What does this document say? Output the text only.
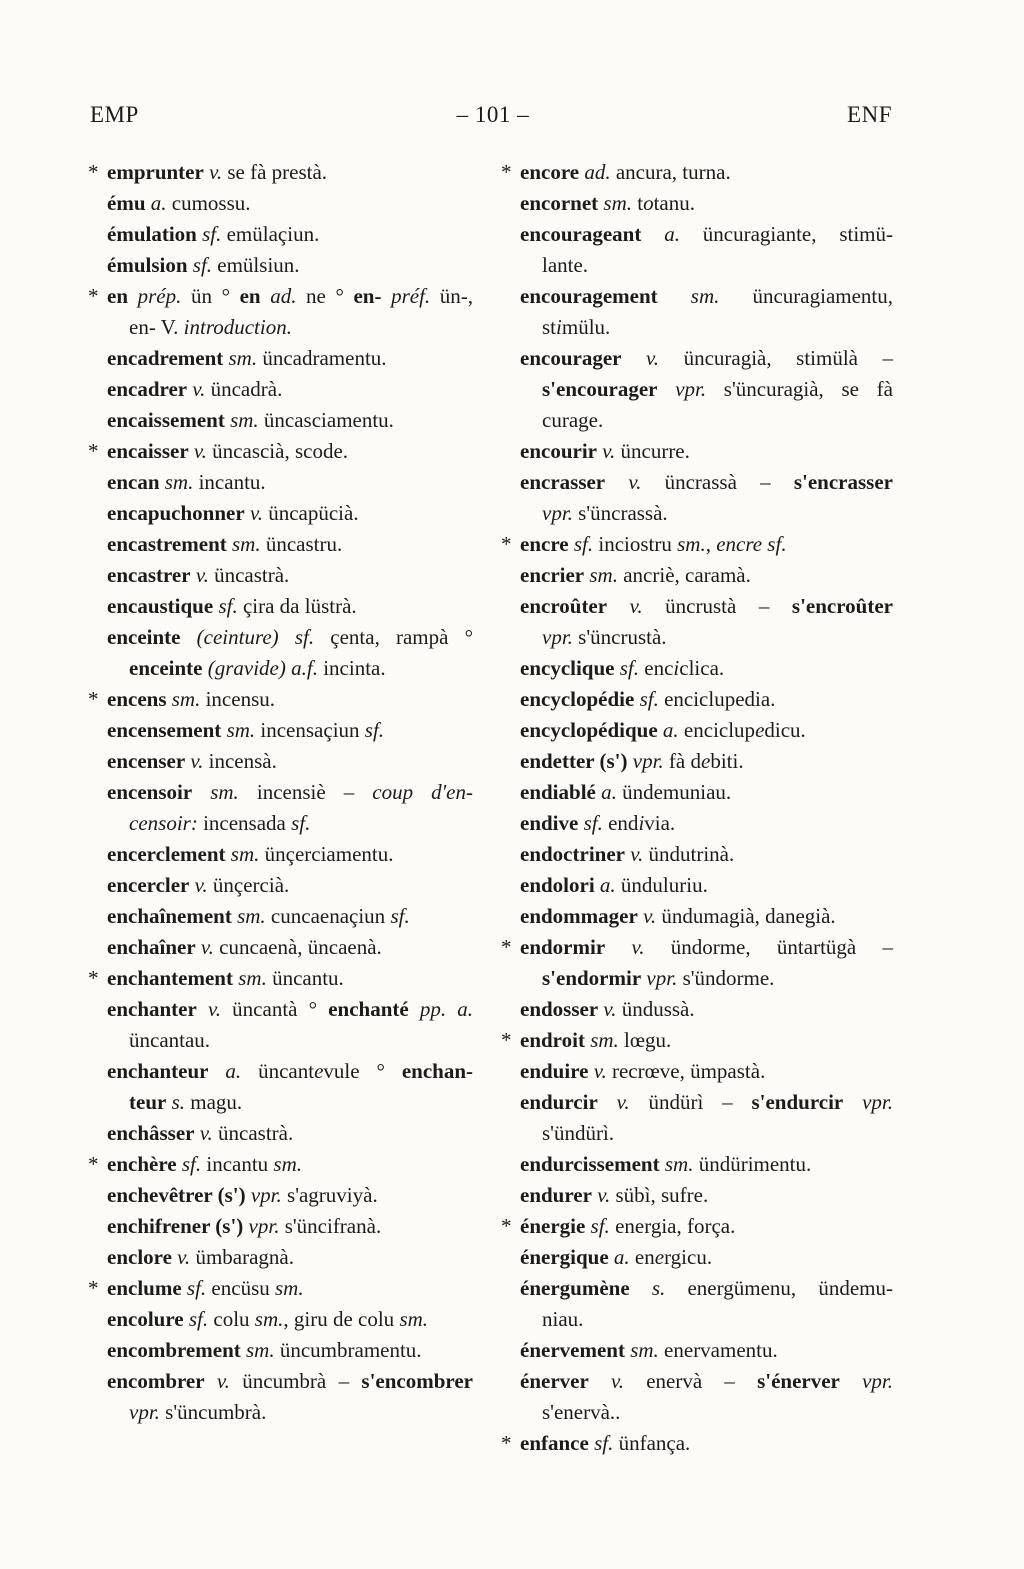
EMP	– 101 –	ENF
* emprunter v. se fà prestà.
ému a. cumossu.
émulation sf. emülaçiun.
émulsion sf. emülsiun.
* en prép. ün ° en ad. ne ° en- préf. ün-,
en- V. introduction.
encadrement sm. üncadramentu.
encadrer v. üncadrà.
encaissement sm. üncasciamentu.
* encaisser v. üncascià, scode.
encan sm. incantu.
encapuchonner v. üncapücià.
encastrement sm. üncastru.
encastrer v. üncastrà.
encaustique sf. çira da lüstrà.
enceinte (ceinture) sf. çenta, rampà °
enceinte (gravide) a.f. incinta.
* encens sm. incensu.
encensement sm. incensaçiun sf.
encenser v. incensà.
encensoir sm. incensiè – coup d'en-
censoir: incensada sf.
encerclement sm. ünçerciamentu.
encercler v. ünçercià.
enchaînement sm. cuncaenaçiun sf.
enchaîner v. cuncaenà, üncaenà.
* enchantement sm. üncantu.
enchanter v. üncantà ° enchanté pp. a.
üncantau.
enchanteur a. üncantevule ° enchan-
teur s. magu.
enchâsser v. üncastrà.
* enchère sf. incantu sm.
enchevêtrer (s') vpr. s'agruviyà.
enchifrener (s') vpr. s'üncifranà.
enclore v. ümbaragnà.
* enclume sf. encüsu sm.
encolure sf. colu sm., giru de colu sm.
encombrement sm. üncumbramentu.
encombrer v. üncumbrà – s'encombrer
vpr. s'üncumbrà.
* encore ad. ancura, turna.
encornet sm. totanu.
encourageant a. üncuragiante, stimü-
lante.
encouragement sm. üncuragiamentu,
stimülu.
encourager v. üncuragià, stimülà –
s'encourager vpr. s'üncuragià, se fà
curage.
encourir v. üncurre.
encrasser v. üncrassà – s'encrasser
vpr. s'üncrassà.
* encre sf. inciostru sm., encre sf.
encrier sm. ancriè, caramà.
encroûter v. üncrustà – s'encroûter
vpr. s'üncrustà.
encyclique sf. enciclica.
encyclopédie sf. enciclupedia.
encyclopédique a. enciclupedicu.
endetter (s') vpr. fà debiti.
endiablé a. ündemuniau.
endive sf. endivia.
endoctriner v. ündutrinà.
endolori a. ünduluriu.
endommager v. ündumagià, danegià.
* endormir v. ündorme, üntartügà –
s'endormir vpr. s'ündorme.
endosser v. ündussà.
* endroit sm. lœgu.
enduire v. recrœve, ümpastà.
endurcir v. ündürì – s'endurcir vpr.
s'ündürì.
endurcissement sm. ündürimentu.
endurer v. sübì, sufre.
* énergie sf. energia, força.
énergique a. energicu.
énergumène s. energümenu, ündemu-
niau.
énervement sm. enervamentu.
énerver v. enervà – s'énerver vpr.
s'enervà..
* enfance sf. ünfança.
